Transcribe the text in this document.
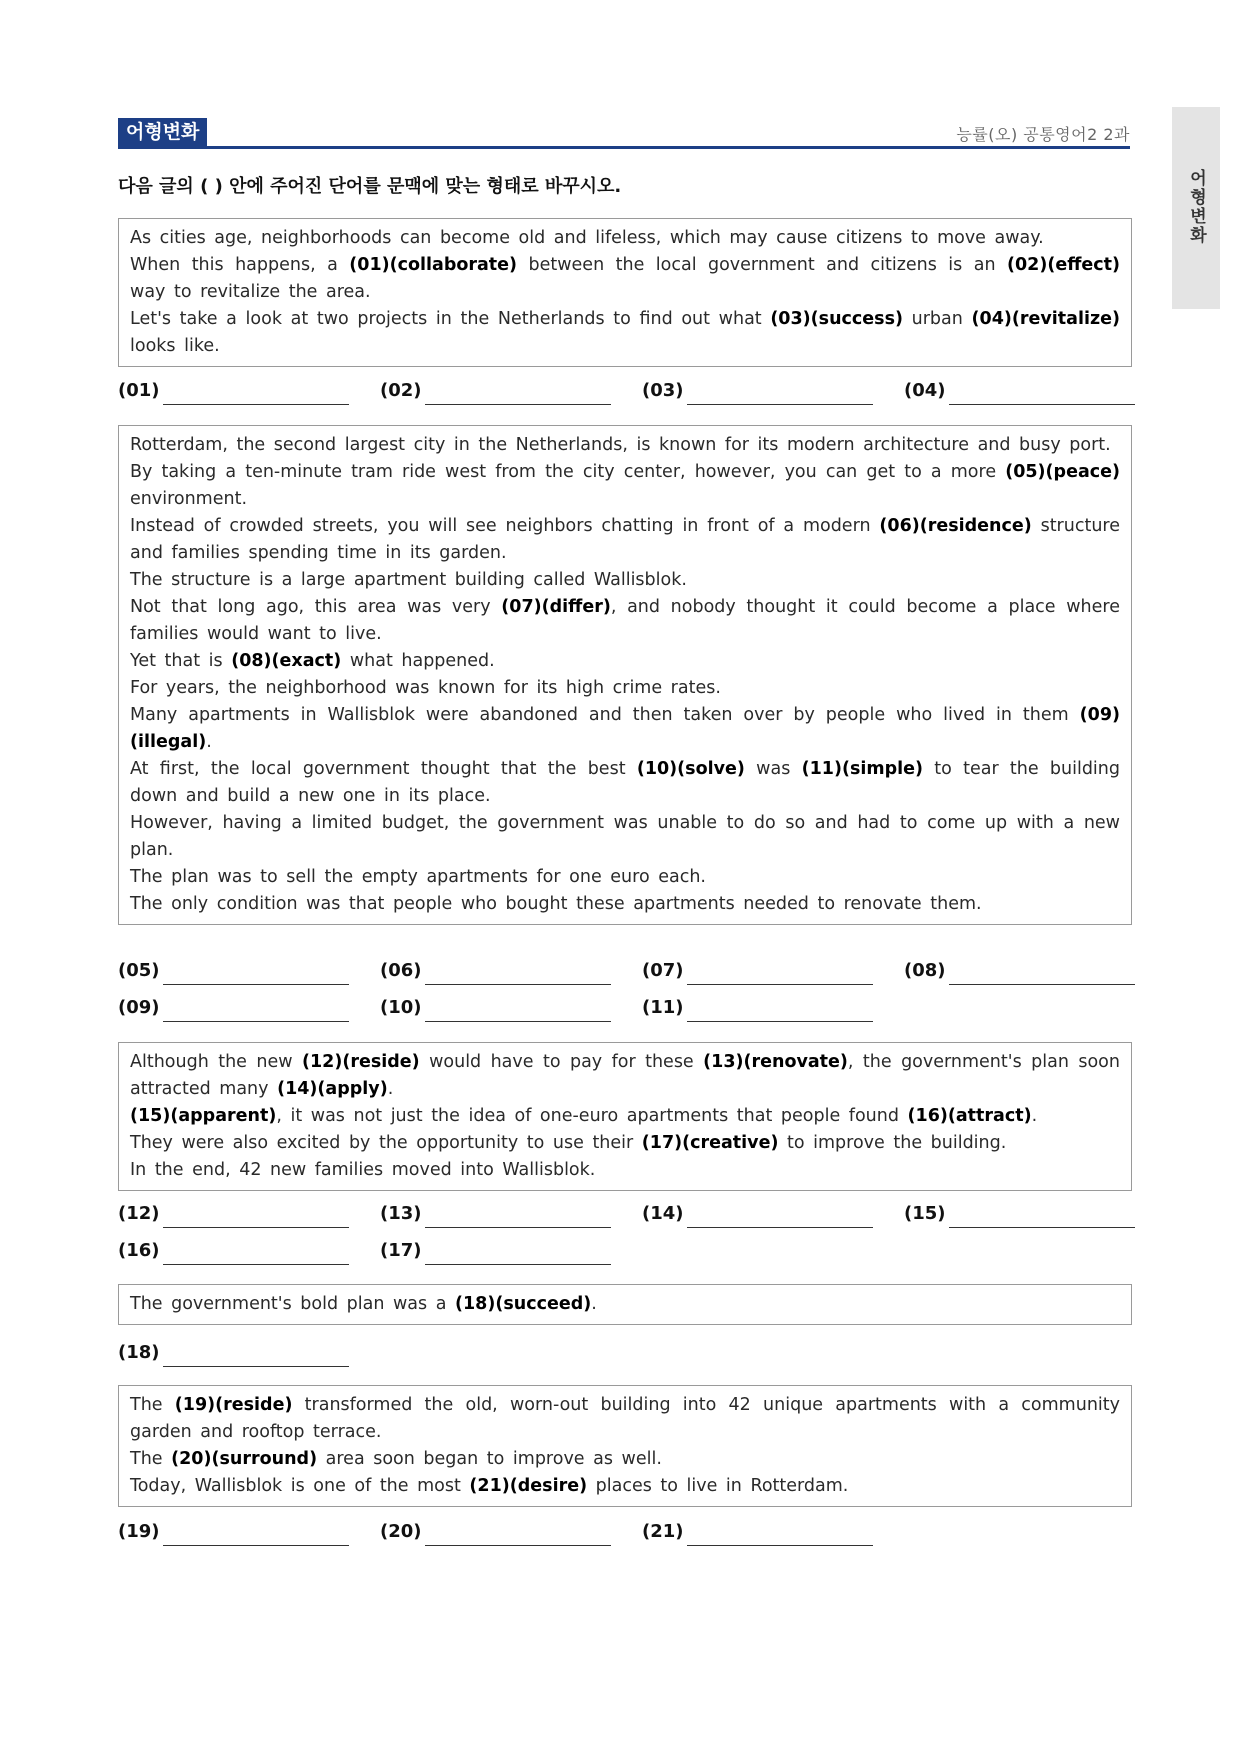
어형변화	능률(오) 공통영어2 2과
어형변화
다음 글의 ( ) 안에 주어진 단어를 문맥에 맞는 형태로 바꾸시오.

As cities age, neighborhoods can become old and lifeless, which may cause citizens to move away.

When this happens, a (01)(collaborate) between the local government and citizens is an (02)(effect) way to revitalize the area.

Let's take a look at two projects in the Netherlands to find out what (03)(success) urban (04)(revitalize) looks like.

(01)	(02)	(03)	(04)

Rotterdam, the second largest city in the Netherlands, is known for its modern architecture and busy port.

By taking a ten-minute tram ride west from the city center, however, you can get to a more (05)(peace) environment.

Instead of crowded streets, you will see neighbors chatting in front of a modern (06)(residence) structure and families spending time in its garden.

The structure is a large apartment building called Wallisblok.

Not that long ago, this area was very (07)(differ), and nobody thought it could become a place where families would want to live.

Yet that is (08)(exact) what happened.

For years, the neighborhood was known for its high crime rates.

Many apartments in Wallisblok were abandoned and then taken over by people who lived in them (09)(illegal).

At first, the local government thought that the best (10)(solve) was (11)(simple) to tear the building down and build a new one in its place.

However, having a limited budget, the government was unable to do so and had to come up with a new plan.

The plan was to sell the empty apartments for one euro each.

The only condition was that people who bought these apartments needed to renovate them.

(05)	(06)	(07)	(08)
(09)	(10)	(11)

Although the new (12)(reside) would have to pay for these (13)(renovate), the government's plan soon attracted many (14)(apply).

(15)(apparent), it was not just the idea of one-euro apartments that people found (16)(attract).

They were also excited by the opportunity to use their (17)(creative) to improve the building.

In the end, 42 new families moved into Wallisblok.

(12)	(13)	(14)	(15)
(16)	(17)

The government's bold plan was a (18)(succeed).

(18)

The (19)(reside) transformed the old, worn-out building into 42 unique apartments with a community garden and rooftop terrace.

The (20)(surround) area soon began to improve as well.

Today, Wallisblok is one of the most (21)(desire) places to live in Rotterdam.

(19)	(20)	(21)
